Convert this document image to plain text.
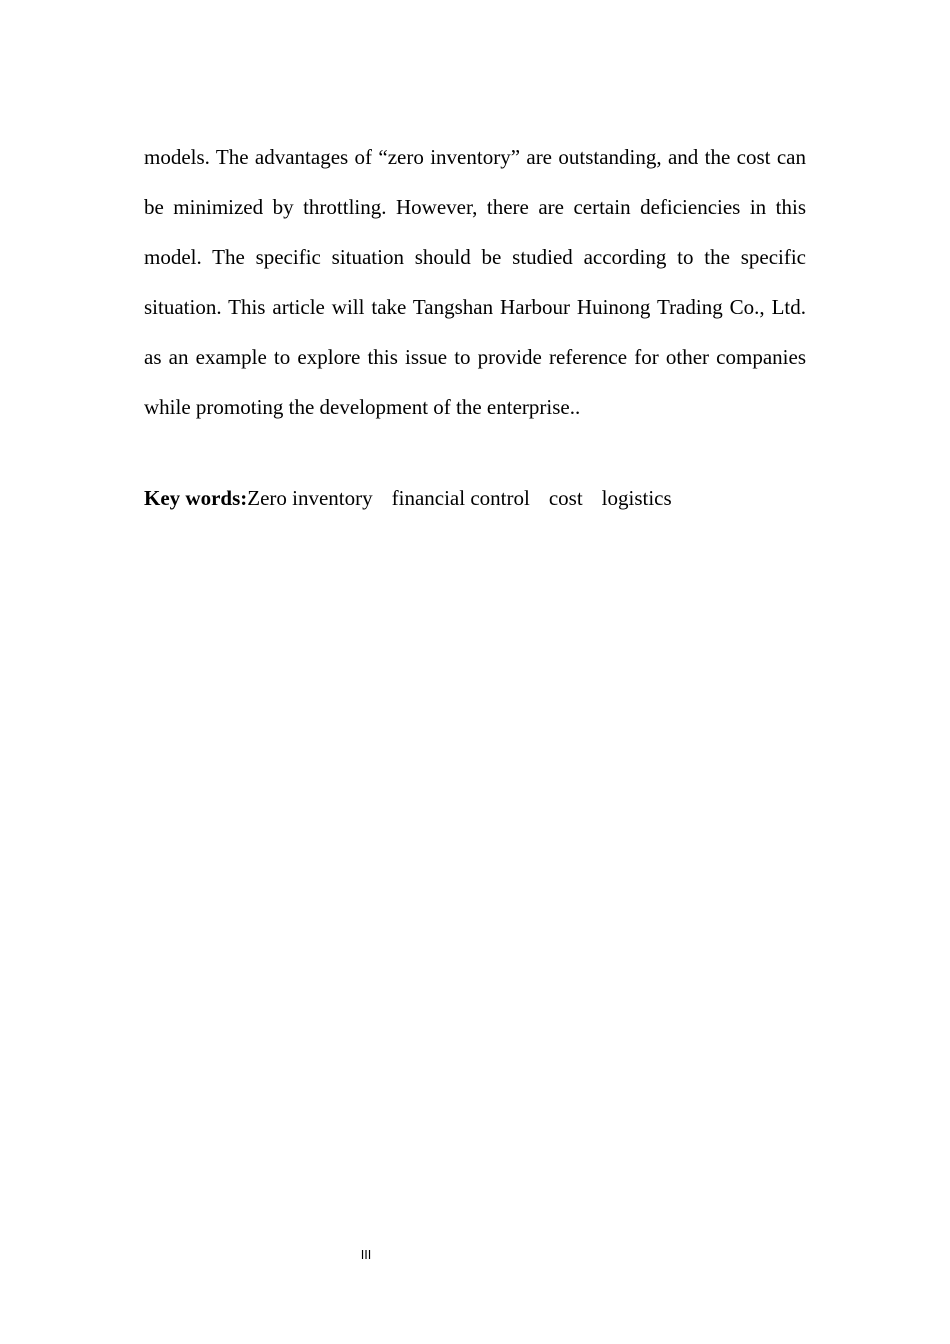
models. The advantages of “zero inventory” are outstanding, and the cost can be minimized by throttling. However, there are certain deficiencies in this model. The specific situation should be studied according to the specific situation. This article will take Tangshan Harbour Huinong Trading Co., Ltd. as an example to explore this issue to provide reference for other companies while promoting the development of the enterprise..

Key words:Zero inventory financial control cost logistics
III
